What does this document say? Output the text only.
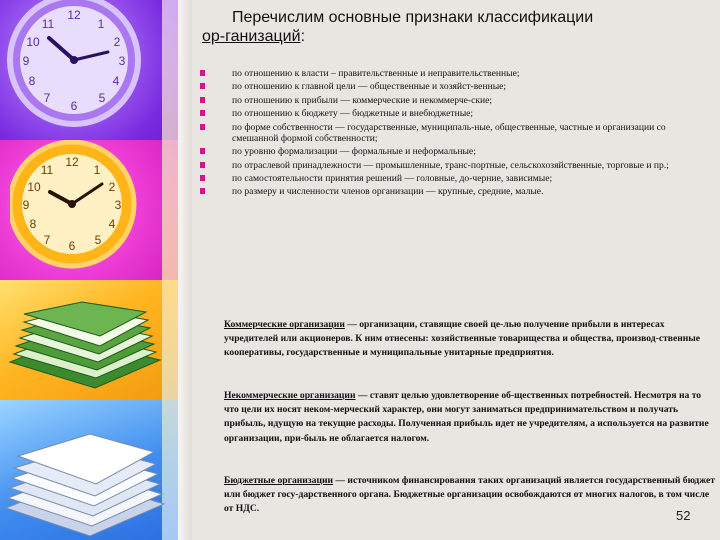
12
1
2
3
4
5
6
7
8
9
10
11
12
1
2
3
4
5
6
7
8
9
10
11
Перечислим основные признаки классификации
ор-ганизаций:
по отношению к власти – правительственные и неправительственные;
по отношению к главной цели — общественные и хозяйст-венные;
по отношению к прибыли — коммерческие и некоммерче-ские;
по отношению к бюджету — бюджетные и внебюджетные;
по форме собственности — государственные, муниципаль-ные, общественные, частные и организации со смешанной формой собственности;
по уровню формализации — формальные и неформальные;
по отраслевой принадлежности — промышленные, транс-портные, сельскохозяйственные, торговые и пр.;
по самостоятельности принятия решений — головные, до-черние, зависимые;
по размеру и численности членов организации — крупные, средние, малые.

Коммерческие организации — организации, ставящие своей це-лью получение прибыли в интересах учредителей или акционеров. К ним отнесены: хозяйственные товарищества и общества, производ-ственные кооперативы, государственные и муниципальные унитарные предприятия.

Некоммерческие организации — ставят целью удовлетворение об-щественных потребностей. Несмотря на то что цели их носят неком-мерческий характер, они могут заниматься предпринимательством и получать прибыль, идущую на текущие расходы. Полученная прибыль идет не учредителям, а используется на развитие организации, при-быль не облагается налогом.

Бюджетные организации — источником финансирования таких организаций является государственный бюджет или бюджет госу-дарственного органа. Бюджетные организации освобождаются от многих налогов, в том числе от НДС.	52
